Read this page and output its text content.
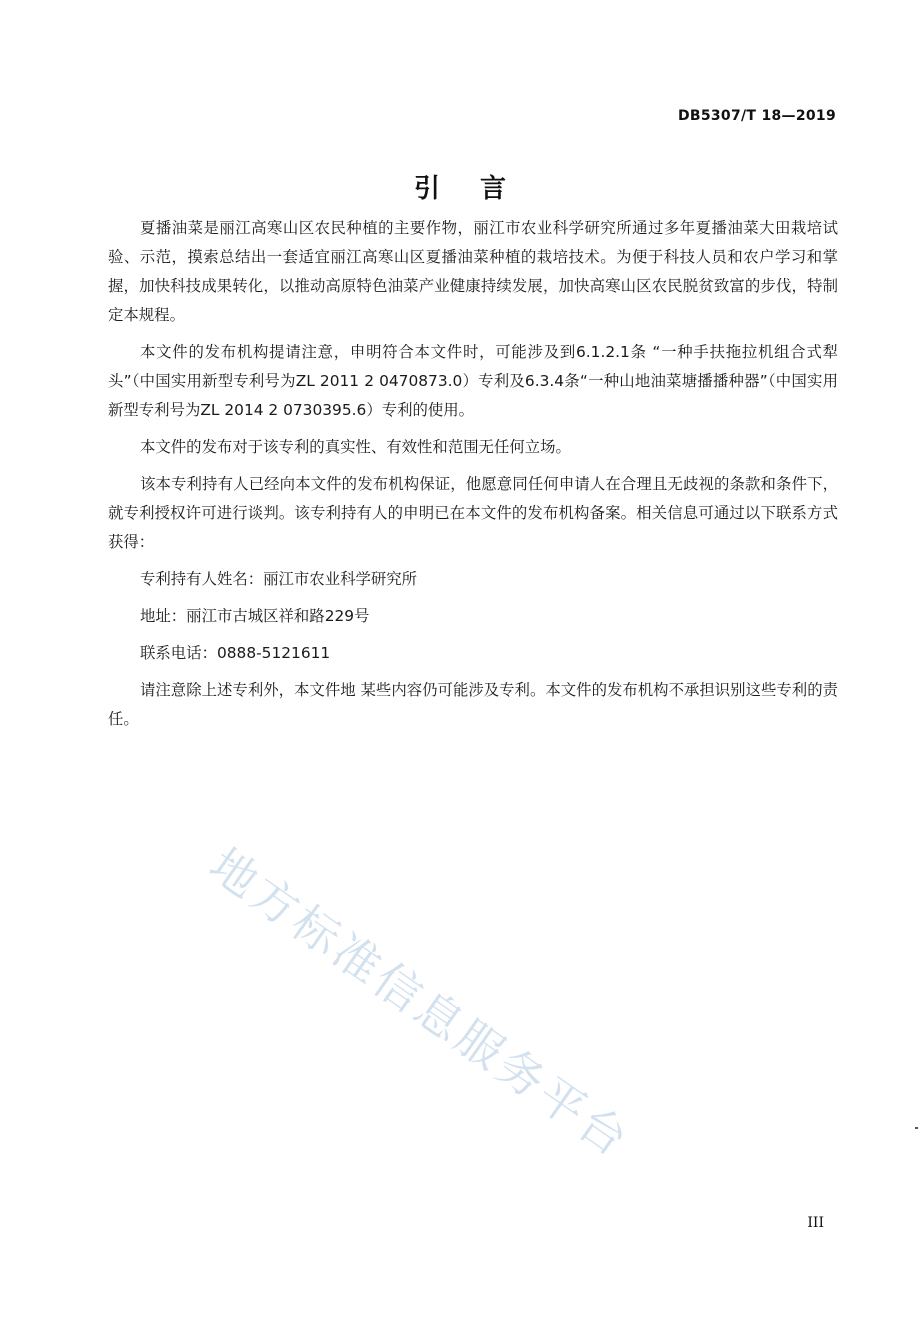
DB5307/T 18—2019
引言

夏播油菜是丽江高寒山区农民种植的主要作物，丽江市农业科学研究所通过多年夏播油菜大田栽培试验、示范，摸索总结出一套适宜丽江高寒山区夏播油菜种植的栽培技术。为便于科技人员和农户学习和掌握，加快科技成果转化，以推动高原特色油菜产业健康持续发展，加快高寒山区农民脱贫致富的步伐，特制定本规程。

本文件的发布机构提请注意，申明符合本文件时，可能涉及到6.1.2.1条 “一种手扶拖拉机组合式犁头”（中国实用新型专利号为ZL 2011 2 0470873.0）专利及6.3.4条“一种山地油菜塘播播种器”（中国实用新型专利号为ZL 2014 2 0730395.6）专利的使用。

本文件的发布对于该专利的真实性、有效性和范围无任何立场。

该本专利持有人已经向本文件的发布机构保证，他愿意同任何申请人在合理且无歧视的条款和条件下，就专利授权许可进行谈判。该专利持有人的申明已在本文件的发布机构备案。相关信息可通过以下联系方式获得：

专利持有人姓名：丽江市农业科学研究所

地址：丽江市古城区祥和路229号

联系电话：0888-5121611

请注意除上述专利外，本文件地 某些内容仍可能涉及专利。本文件的发布机构不承担识别这些专利的责任。

地方标准信息服务平台
III
